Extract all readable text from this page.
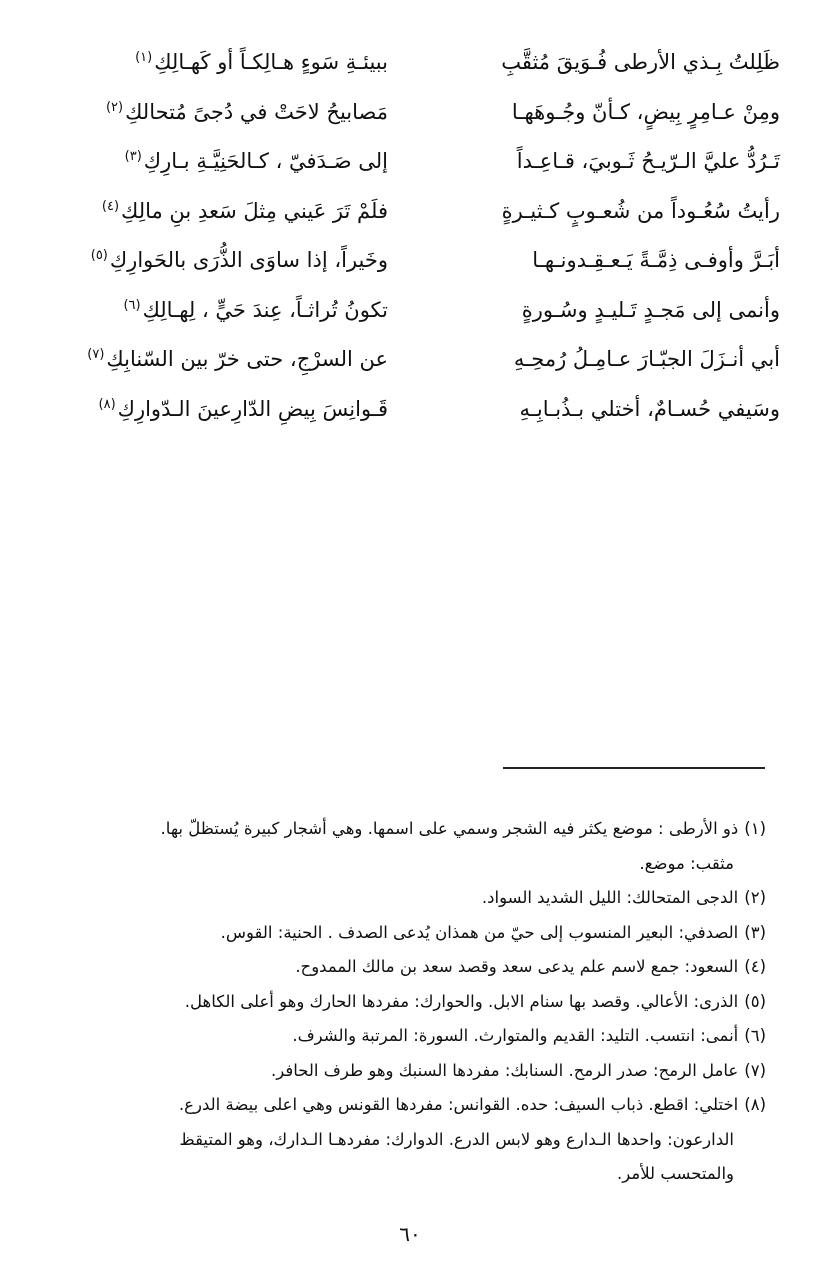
ظَلِلتُ بِـذي الأرطى فُـوَيقَ مُثقَّبِ
ببيئـةِ سَوءٍ هـالِكـاً أو كَهـالِكِ$^{(١)}$
ومِنْ عـامِرٍ بِيضٍ، كـأنّ وجُـوهَهـا
مَصابيحُ لاحَتْ في دُجىً مُتحالكِ$^{(٢)}$
تَـرُدُّ عليَّ الـرّيـحُ ثَـوبيَ، قـاعِـداً
إلى صَـدَفيّ ، كـالحَنِيَّـةِ بـارِكِ$^{(٣)}$
رأيتُ سُعُـوداً من شُعـوبٍ كـثيـرةٍ
فلَمْ تَرَ عَيني مِثلَ سَعدِ بنِ مالِكِ$^{(٤)}$
أبَـرَّ وأوفـى ذِمَّـةً يَـعـقِـدونـهـا
وخَيراً، إذا ساوَى الذُّرَى بالحَوارِكِ$^{(٥)}$
وأنمى إلى مَجـدٍ تَـليـدٍ وسُـورةٍ
تكونُ تُراثـاً، عِندَ حَيٍّ ، لِهـالِكِ$^{(٦)}$
أبي أنـزَلَ الجبّـارَ عـامِـلُ رُمحِـهِ
عن السرْجِ، حتى خرّ بين السّنابِكِ$^{(٧)}$
وسَيفي حُسـامٌ، أختلي بـذُبـابِـهِ
قَـوانِسَ بِيضِ الدّارِعينَ الـدّوارِكِ$^{(٨)}$
(١)ذو الأرطى : موضع يكثر فيه الشجر وسمي على اسمها. وهي أشجار كبيرة يُستظلّ بها.
مثقب: موضع.
(٢)الدجى المتحالك: الليل الشديد السواد.
(٣)الصدفي: البعير المنسوب إلى حيّ من همذان يُدعى الصدف . الحنية: القوس.
(٤)السعود: جمع لاسم علم يدعى سعد وقصد سعد بن مالك الممدوح.
(٥)الذرى: الأعالي. وقصد بها سنام الابل. والحوارك: مفردها الحارك وهو أعلى الكاهل.
(٦)أنمى: انتسب. التليد: القديم والمتوارث. السورة: المرتبة والشرف.
(٧)عامل الرمح: صدر الرمح. السنابك: مفردها السنبك وهو طرف الحافر.
(٨)اختلي: اقطع. ذباب السيف: حده. القوانس: مفردها القونس وهي اعلى بيضة الدرع.
الدارعون: واحدها الـدارع وهو لابس الدرع. الدوارك: مفردهـا الـدارك، وهو المتيقظ
والمتحسب للأمر.
٦٠
